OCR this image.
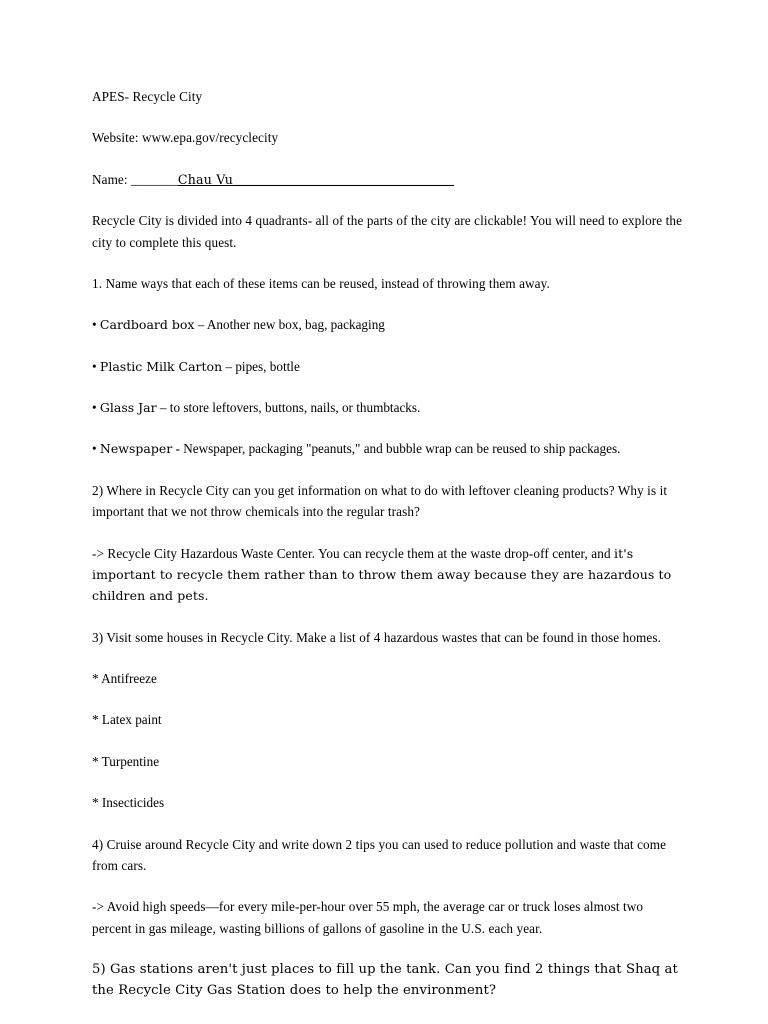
APES- Recycle City

Website: www.epa.gov/recyclecity

Name: _______Chau Vu_________________________________

Recycle City is divided into 4 quadrants- all of the parts of the city are clickable! You will need to explore the city to complete this quest.

1. Name ways that each of these items can be reused, instead of throwing them away.

• Cardboard box – Another new box, bag, packaging

• Plastic Milk Carton – pipes, bottle

• Glass Jar – to store leftovers, buttons, nails, or thumbtacks.

• Newspaper - Newspaper, packaging "peanuts," and bubble wrap can be reused to ship packages.

2) Where in Recycle City can you get information on what to do with leftover cleaning products? Why is it important that we not throw chemicals into the regular trash?

-> Recycle City Hazardous Waste Center. You can recycle them at the waste drop-off center, and it's important to recycle them rather than to throw them away because they are hazardous to children and pets.

3) Visit some houses in Recycle City. Make a list of 4 hazardous wastes that can be found in those homes.

* Antifreeze

* Latex paint

* Turpentine

* Insecticides

4) Cruise around Recycle City and write down 2 tips you can used to reduce pollution and waste that come from cars.

-> Avoid high speeds—for every mile-per-hour over 55 mph, the average car or truck loses almost two percent in gas mileage, wasting billions of gallons of gasoline in the U.S. each year.

5) Gas stations aren't just places to fill up the tank. Can you find 2 things that Shaq at the Recycle City Gas Station does to help the environment?
